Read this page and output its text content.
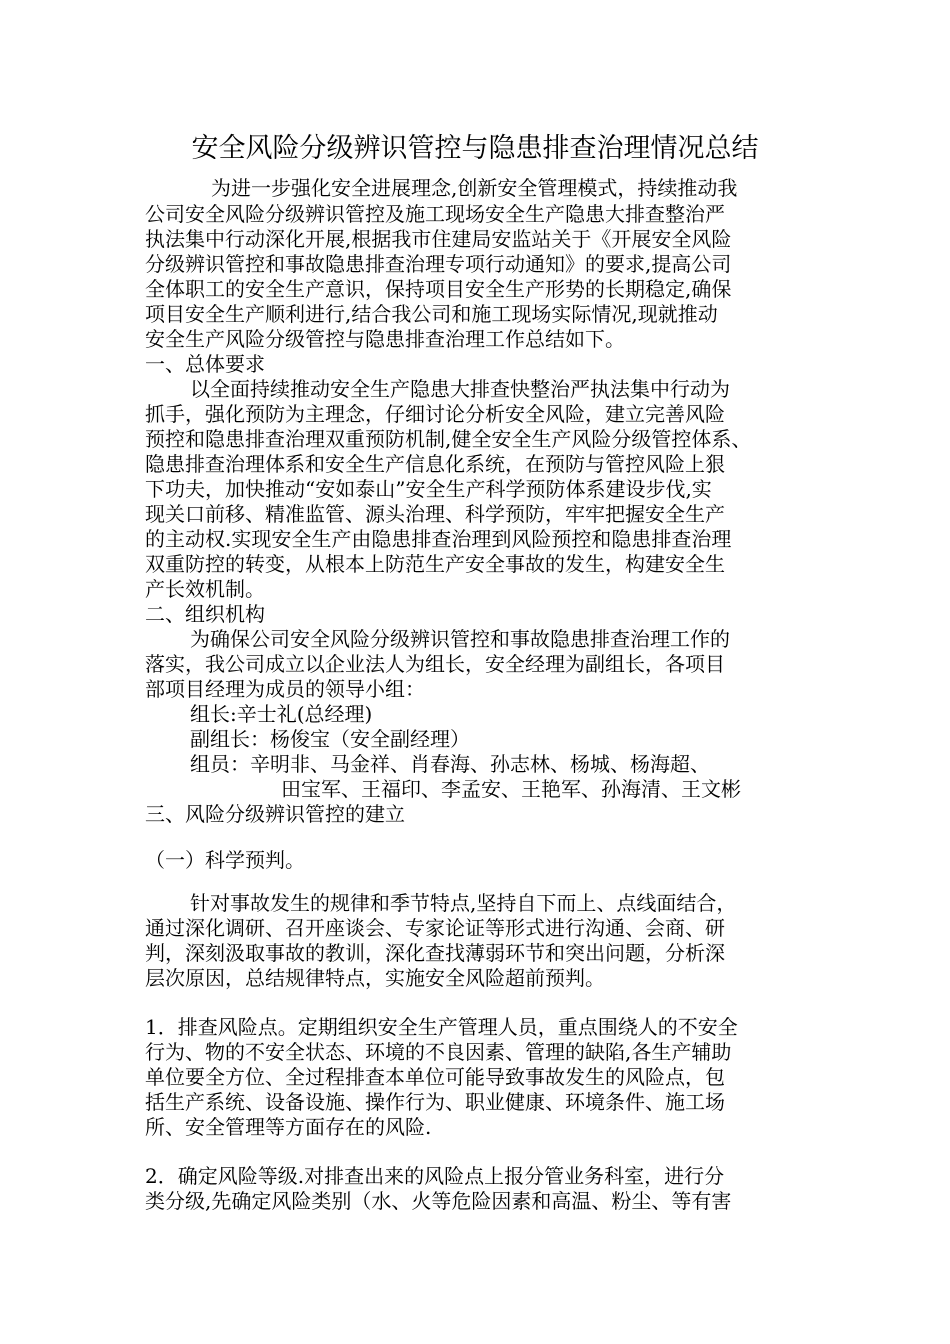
安全风险分级辨识管控与隐患排查治理情况总结
为进一步强化安全进展理念,创新安全管理模式，持续推动我
公司安全风险分级辨识管控及施工现场安全生产隐患大排查整治严
执法集中行动深化开展,根据我市住建局安监站关于《开展安全风险
分级辨识管控和事故隐患排查治理专项行动通知》的要求,提高公司
全体职工的安全生产意识，保持项目安全生产形势的长期稳定,确保
项目安全生产顺利进行,结合我公司和施工现场实际情况,现就推动
安全生产风险分级管控与隐患排查治理工作总结如下。
一、总体要求
以全面持续推动安全生产隐患大排查快整治严执法集中行动为
抓手，强化预防为主理念，仔细讨论分析安全风险，建立完善风险
预控和隐患排查治理双重预防机制,健全安全生产风险分级管控体系、
隐患排查治理体系和安全生产信息化系统，在预防与管控风险上狠
下功夫，加快推动“安如泰山”安全生产科学预防体系建设步伐,实
现关口前移、精准监管、源头治理、科学预防，牢牢把握安全生产
的主动权.实现安全生产由隐患排查治理到风险预控和隐患排查治理
双重防控的转变，从根本上防范生产安全事故的发生，构建安全生
产长效机制。
二、组织机构
为确保公司安全风险分级辨识管控和事故隐患排查治理工作的
落实，我公司成立以企业法人为组长，安全经理为副组长，各项目
部项目经理为成员的领导小组：
组长:辛士礼(总经理)
副组长：杨俊宝（安全副经理）
组员：辛明非、马金祥、肖春海、孙志林、杨城、杨海超、
田宝军、王福印、李孟安、王艳军、孙海清、王文彬
三、风险分级辨识管控的建立
（一）科学预判。
针对事故发生的规律和季节特点,坚持自下而上、点线面结合，
通过深化调研、召开座谈会、专家论证等形式进行沟通、会商、研
判，深刻汲取事故的教训，深化查找薄弱环节和突出问题，分析深
层次原因，总结规律特点，实施安全风险超前预判。
1．排查风险点。定期组织安全生产管理人员，重点围绕人的不安全
行为、物的不安全状态、环境的不良因素、管理的缺陷,各生产辅助
单位要全方位、全过程排查本单位可能导致事故发生的风险点，包
括生产系统、设备设施、操作行为、职业健康、环境条件、施工场
所、安全管理等方面存在的风险.
2．确定风险等级.对排查出来的风险点上报分管业务科室，进行分
类分级,先确定风险类别（水、火等危险因素和高温、粉尘、等有害
